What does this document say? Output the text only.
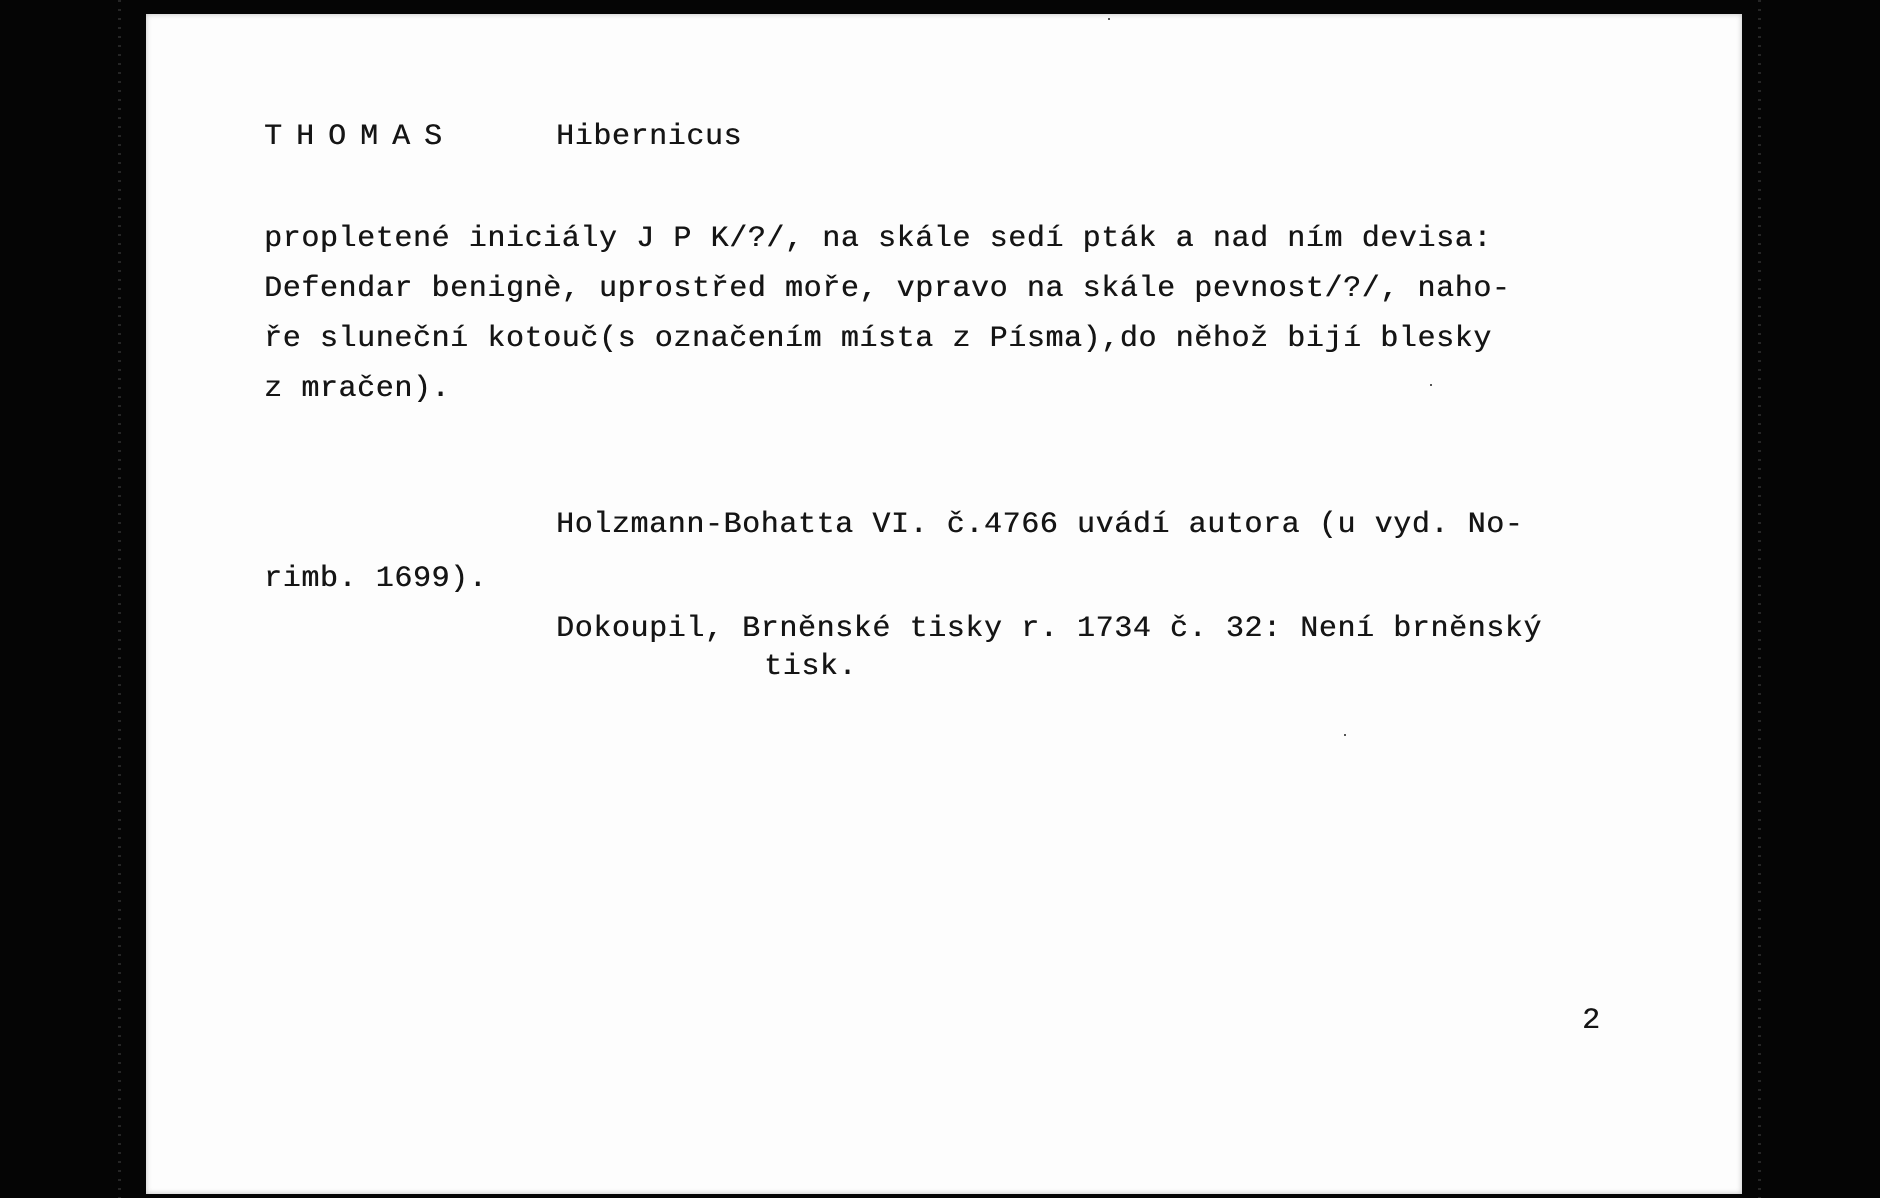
THOMAS	Hibernicus

propletené iniciály J P K/?/, na skále sedí pták a nad ním devisa:

Defendar benignè, uprostřed moře, vpravo na skále pevnost/?/, naho-

ře sluneční kotouč(s označením místa z Písma),do něhož bijí blesky

z mračen).

Holzmann-Bohatta VI. č.4766 uvádí autora (u vyd. No-

rimb. 1699).

Dokoupil, Brněnské tisky r. 1734 č. 32: Není brněnský

tisk.

2
